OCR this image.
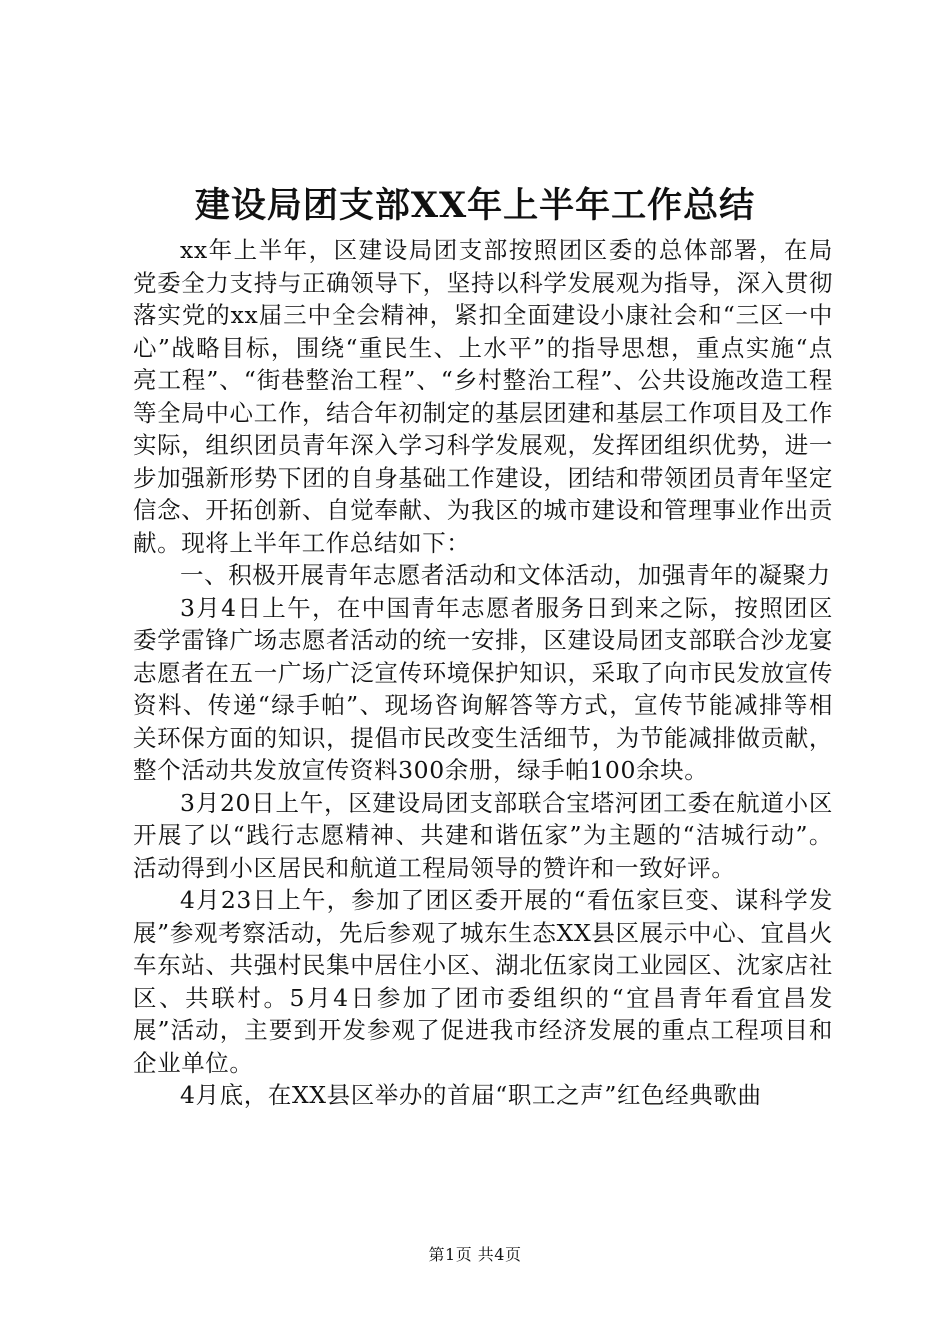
建设局团支部XX年上半年工作总结

xx年上半年，区建设局团支部按照团区委的总体部署，在局党委全力支持与正确领导下，坚持以科学发展观为指导，深入贯彻落实党的xx届三中全会精神，紧扣全面建设小康社会和“三区一中心”战略目标，围绕“重民生、上水平”的指导思想，重点实施“点亮工程”、“街巷整治工程”、“乡村整治工程”、公共设施改造工程等全局中心工作，结合年初制定的基层团建和基层工作项目及工作实际，组织团员青年深入学习科学发展观，发挥团组织优势，进一步加强新形势下团的自身基础工作建设，团结和带领团员青年坚定信念、开拓创新、自觉奉献、为我区的城市建设和管理事业作出贡献。现将上半年工作总结如下：

一、积极开展青年志愿者活动和文体活动，加强青年的凝聚力

3月4日上午，在中国青年志愿者服务日到来之际，按照团区委学雷锋广场志愿者活动的统一安排，区建设局团支部联合沙龙宴志愿者在五一广场广泛宣传环境保护知识，采取了向市民发放宣传资料、传递“绿手帕”、现场咨询解答等方式，宣传节能减排等相关环保方面的知识，提倡市民改变生活细节，为节能减排做贡献，整个活动共发放宣传资料300余册，绿手帕100余块。

3月20日上午，区建设局团支部联合宝塔河团工委在航道小区开展了以“践行志愿精神、共建和谐伍家”为主题的“洁城行动”。活动得到小区居民和航道工程局领导的赞许和一致好评。

4月23日上午，参加了团区委开展的“看伍家巨变、谋科学发展”参观考察活动，先后参观了城东生态XX县区展示中心、宜昌火车东站、共强村民集中居住小区、湖北伍家岗工业园区、沈家店社区、共联村。5月4日参加了团市委组织的“宜昌青年看宜昌发展”活动，主要到开发参观了促进我市经济发展的重点工程项目和企业单位。

4月底，在XX县区举办的首届“职工之声”红色经典歌曲

第1页 共4页
